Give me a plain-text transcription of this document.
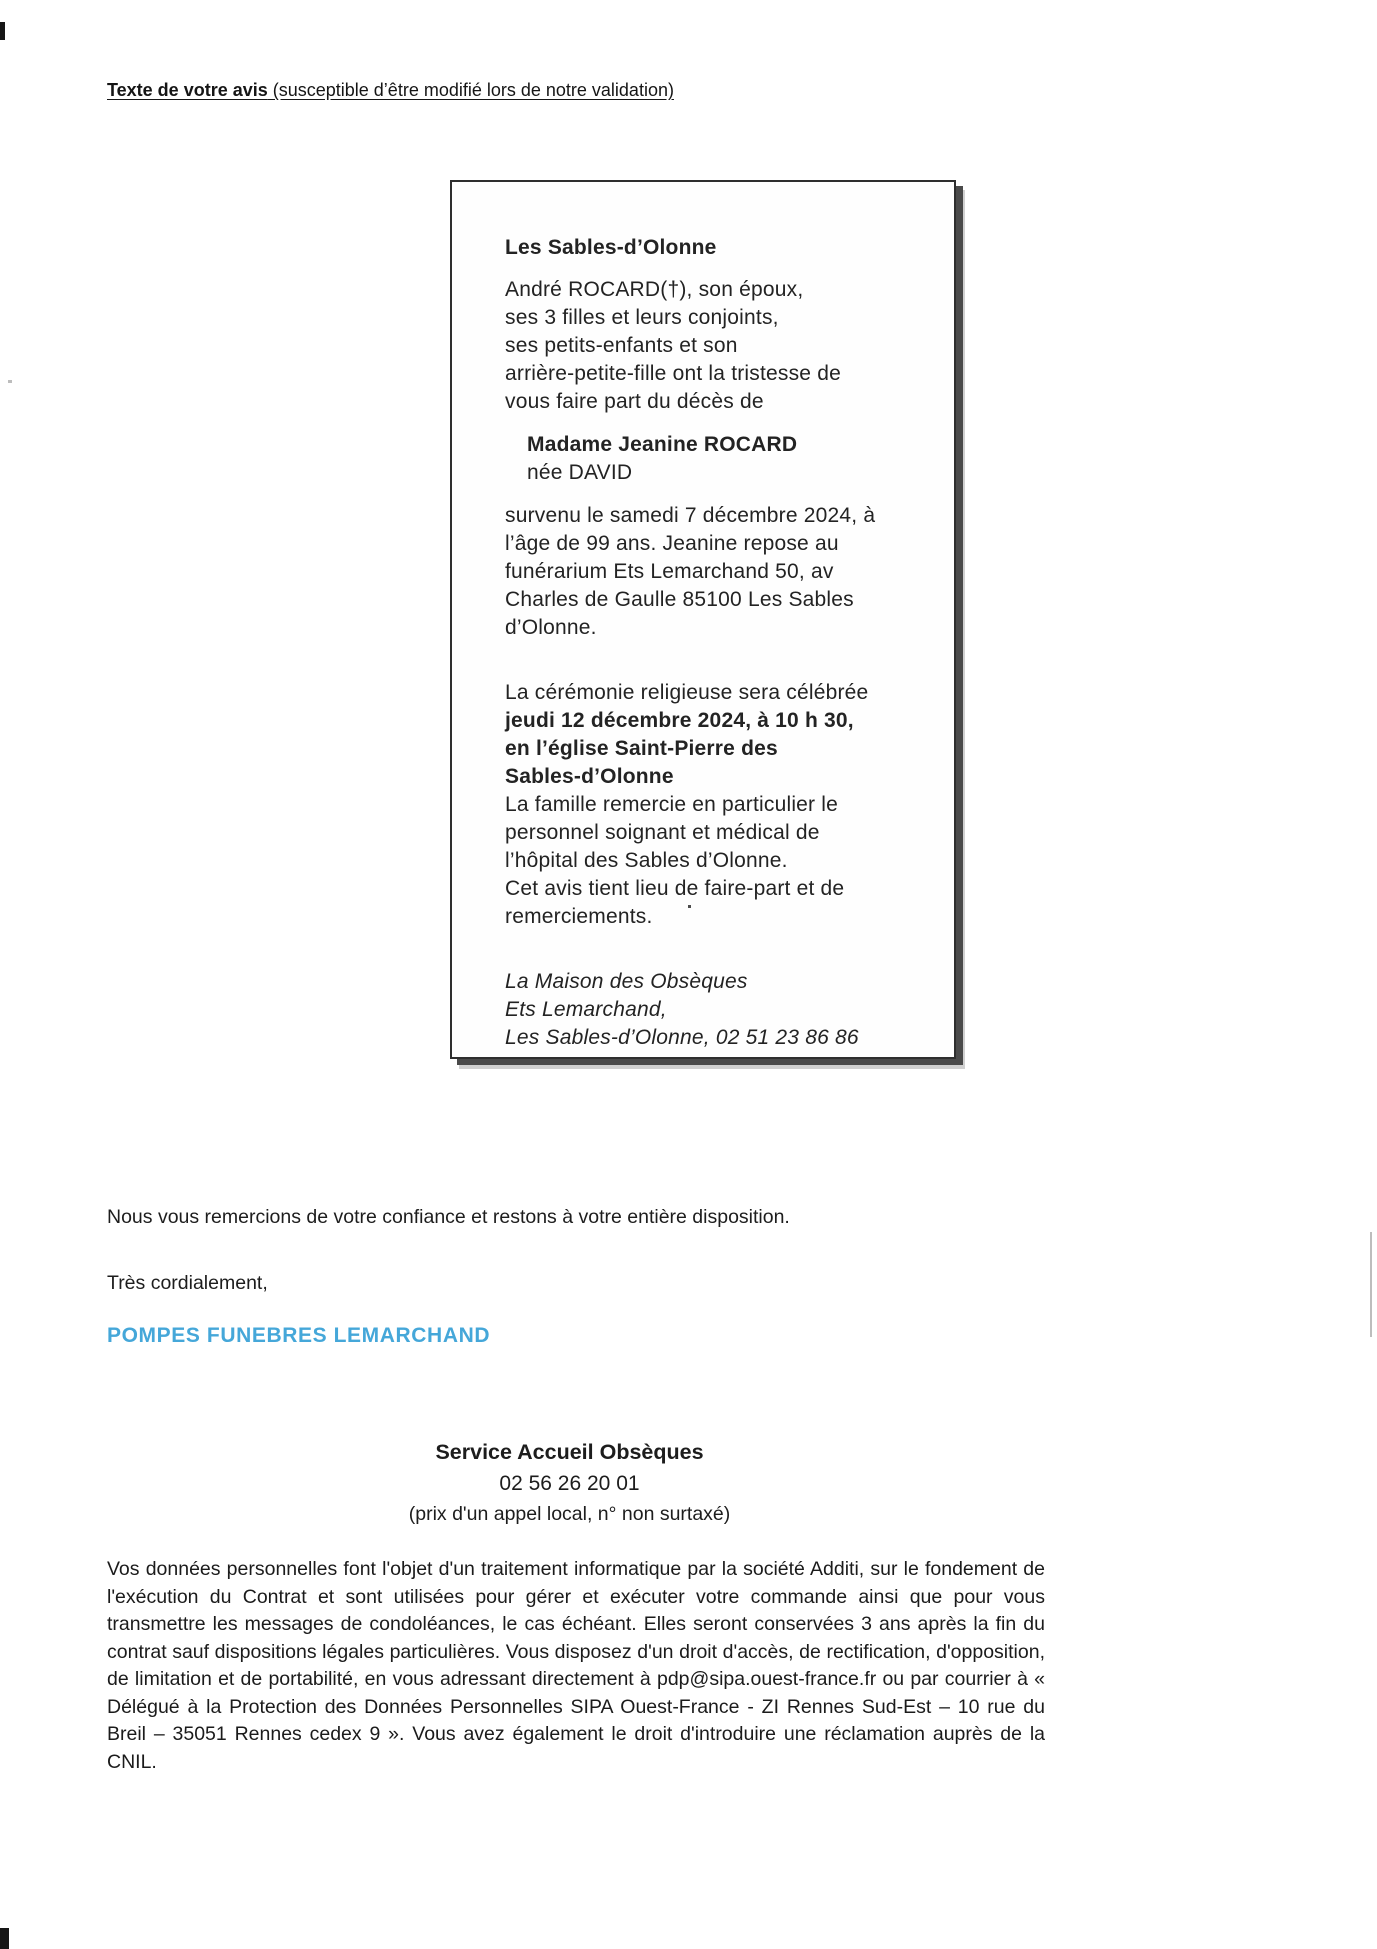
Texte de votre avis (susceptible d’être modifié lors de notre validation)
Les Sables-d’Olonne
André ROCARD(†), son époux,
ses 3 filles et leurs conjoints,
ses petits-enfants et son
arrière-petite-fille ont la tristesse de
vous faire part du décès de
Madame Jeanine ROCARD
née DAVID
survenu le samedi 7 décembre 2024, à
l’âge de 99 ans. Jeanine repose au
funérarium Ets Lemarchand 50, av
Charles de Gaulle 85100 Les Sables
d’Olonne.
La cérémonie religieuse sera célébrée
jeudi 12 décembre 2024, à 10 h 30,
en l’église Saint-Pierre des
Sables-d’Olonne
La famille remercie en particulier le
personnel soignant et médical de
l’hôpital des Sables d’Olonne.
Cet avis tient lieu de faire-part et de
remerciements.
La Maison des Obsèques
Ets Lemarchand,
Les Sables-d’Olonne, 02 51 23 86 86
Nous vous remercions de votre confiance et restons à votre entière disposition.
Très cordialement,
POMPES FUNEBRES LEMARCHAND
Service Accueil Obsèques
02 56 26 20 01
(prix d'un appel local, n° non surtaxé)
Vos données personnelles font l'objet d'un traitement informatique par la société Additi, sur le fondement de l'exécution du Contrat et sont utilisées pour gérer et exécuter votre commande ainsi que pour vous transmettre les messages de condoléances, le cas échéant. Elles seront conservées 3 ans après la fin du contrat sauf dispositions légales particulières. Vous disposez d'un droit d'accès, de rectification, d'opposition, de limitation et de portabilité, en vous adressant directement à pdp@sipa.ouest-france.fr ou par courrier à « Délégué à la Protection des Données Personnelles SIPA Ouest-France - ZI Rennes Sud-Est – 10 rue du Breil – 35051 Rennes cedex 9 ». Vous avez également le droit d'introduire une réclamation auprès de la CNIL.
